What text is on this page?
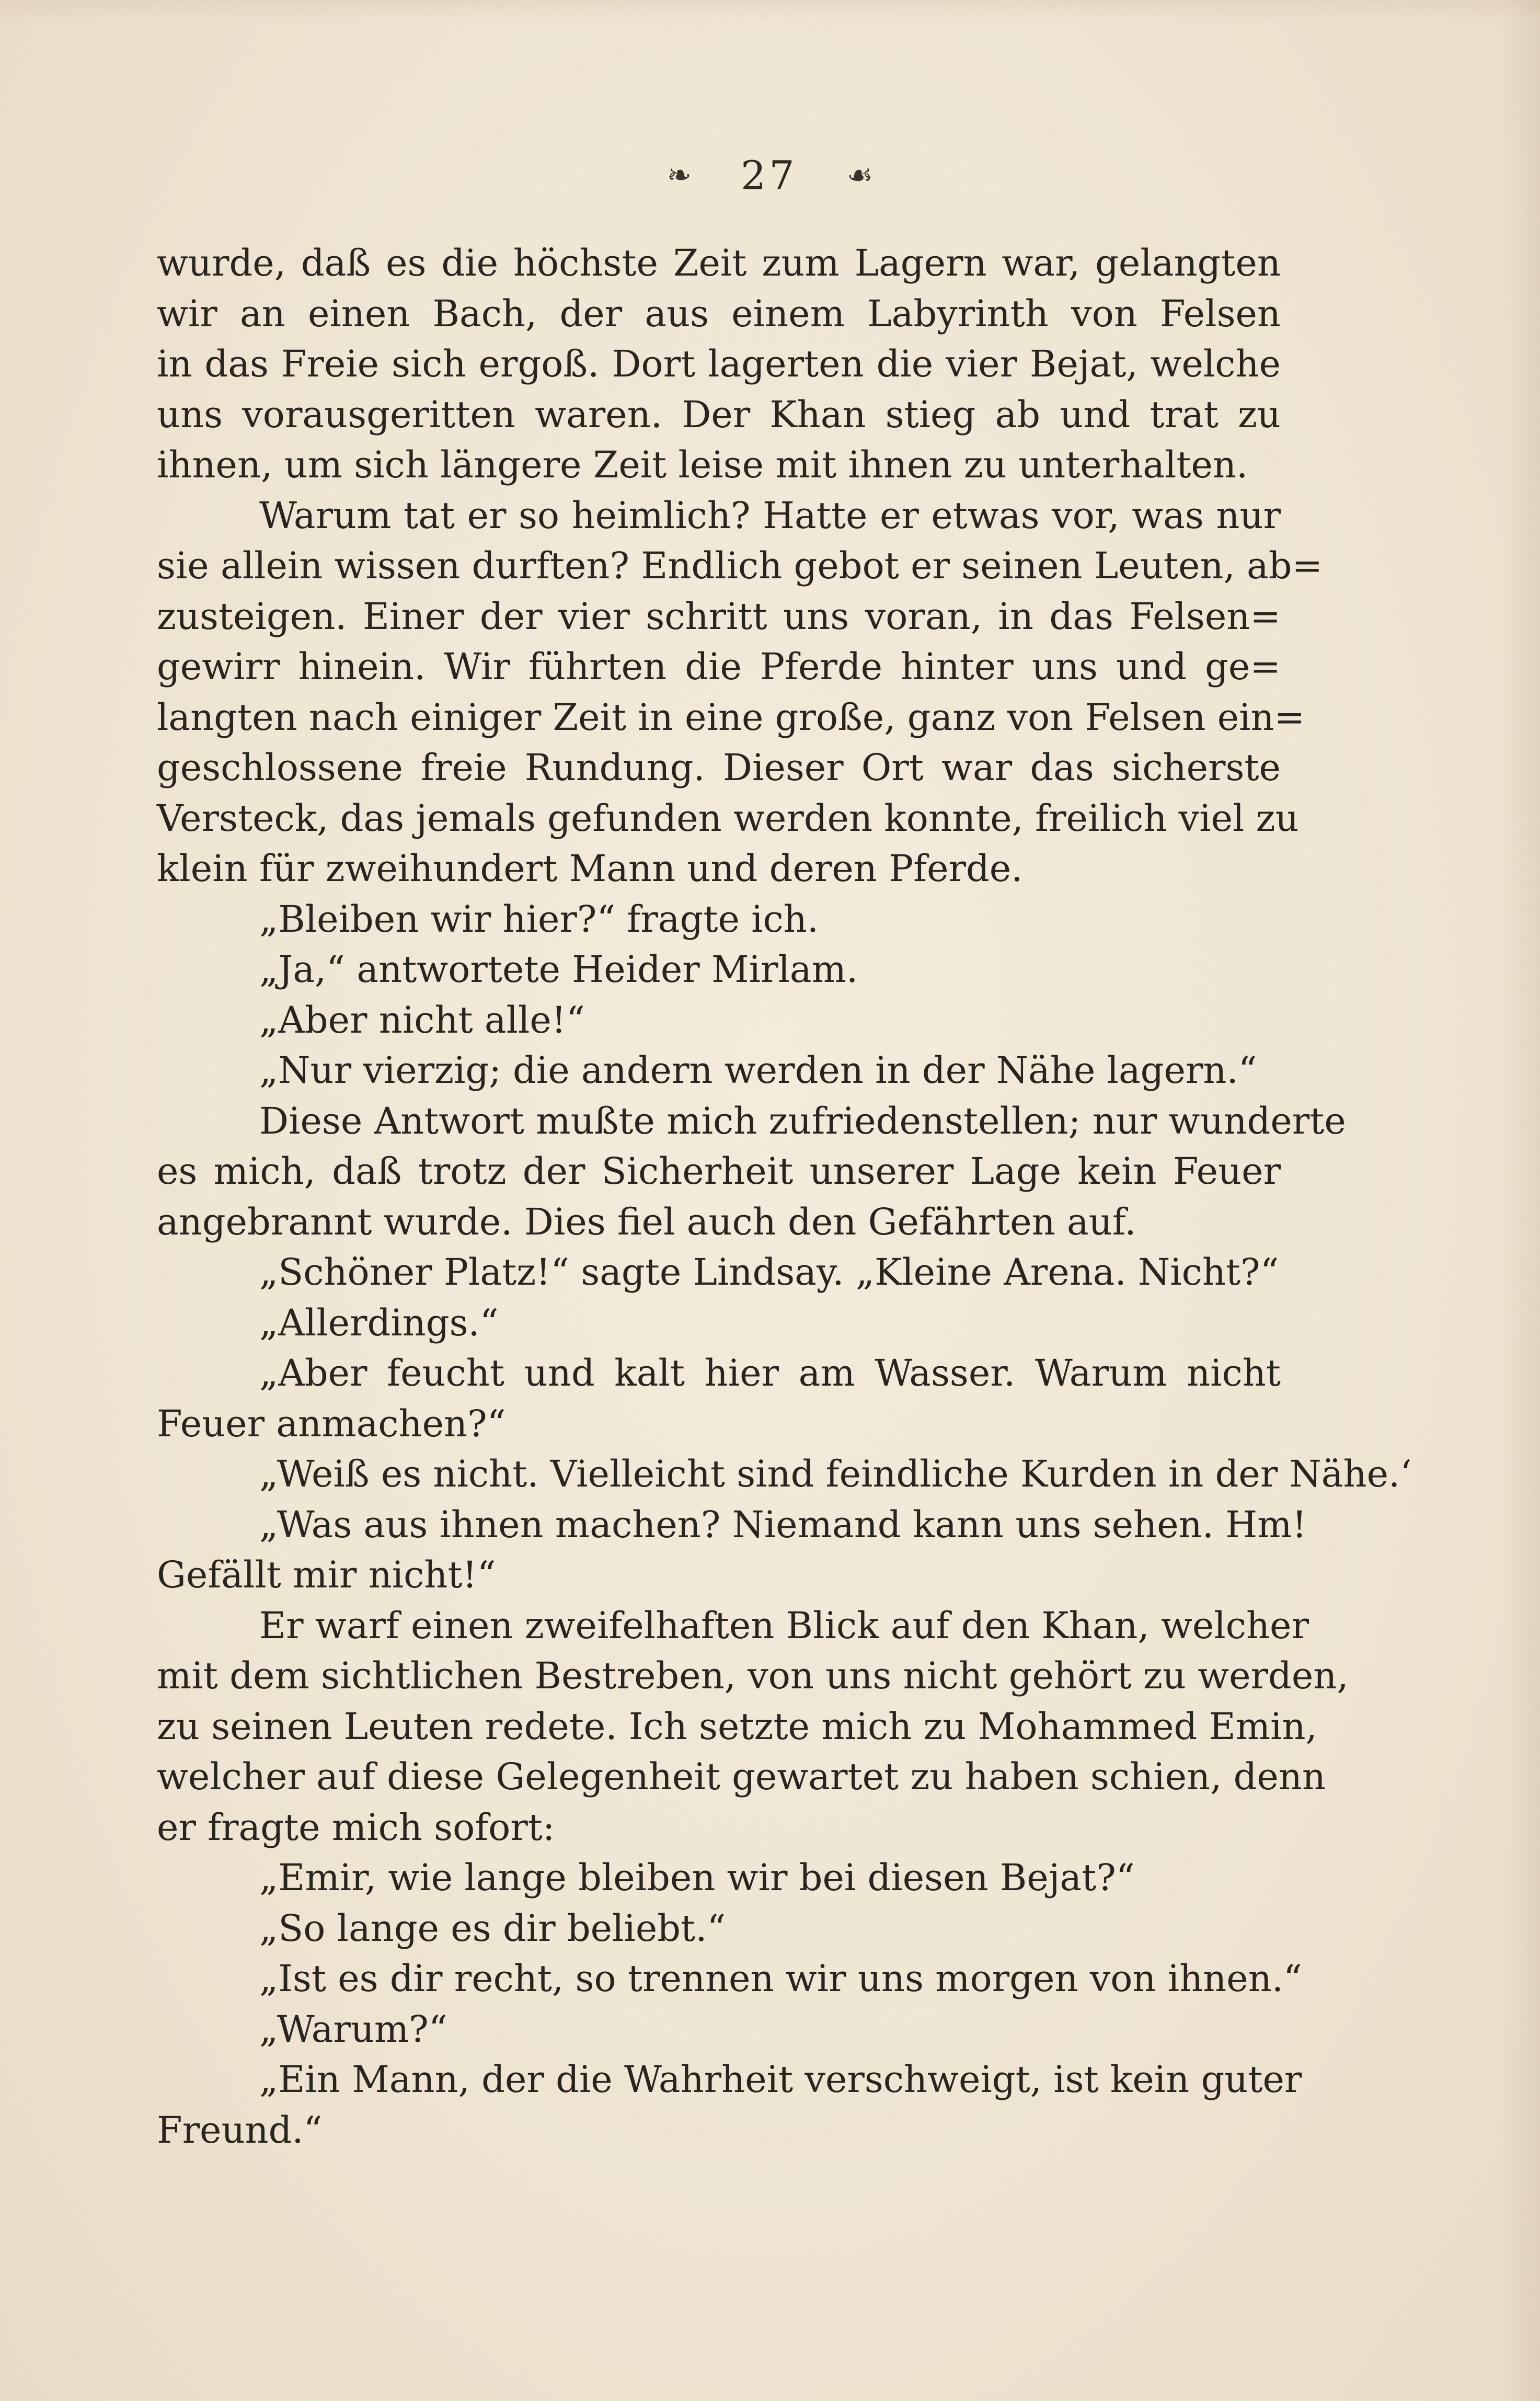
❧ 27 ☙
wurde, daß es die höchste Zeit zum Lagern war, gelangten
wir an einen Bach, der aus einem Labyrinth von Felsen
in das Freie sich ergoß. Dort lagerten die vier Bejat, welche
uns vorausgeritten waren. Der Khan stieg ab und trat zu
ihnen, um sich längere Zeit leise mit ihnen zu unterhalten.
Warum tat er so heimlich? Hatte er etwas vor, was nur
sie allein wissen durften? Endlich gebot er seinen Leuten, ab=
zusteigen. Einer der vier schritt uns voran, in das Felsen=
gewirr hinein. Wir führten die Pferde hinter uns und ge=
langten nach einiger Zeit in eine große, ganz von Felsen ein=
geschlossene freie Rundung. Dieser Ort war das sicherste
Versteck, das jemals gefunden werden konnte, freilich viel zu
klein für zweihundert Mann und deren Pferde.
„Bleiben wir hier?“ fragte ich.
„Ja,“ antwortete Heider Mirlam.
„Aber nicht alle!“
„Nur vierzig; die andern werden in der Nähe lagern.“
Diese Antwort mußte mich zufriedenstellen; nur wunderte
es mich, daß trotz der Sicherheit unserer Lage kein Feuer
angebrannt wurde. Dies fiel auch den Gefährten auf.
„Schöner Platz!“ sagte Lindsay. „Kleine Arena. Nicht?“
„Allerdings.“
„Aber feucht und kalt hier am Wasser. Warum nicht
Feuer anmachen?“
„Weiß es nicht. Vielleicht sind feindliche Kurden in der Nähe.‘
„Was aus ihnen machen? Niemand kann uns sehen. Hm!
Gefällt mir nicht!“
Er warf einen zweifelhaften Blick auf den Khan, welcher
mit dem sichtlichen Bestreben, von uns nicht gehört zu werden,
zu seinen Leuten redete. Ich setzte mich zu Mohammed Emin,
welcher auf diese Gelegenheit gewartet zu haben schien, denn
er fragte mich sofort:
„Emir, wie lange bleiben wir bei diesen Bejat?“
„So lange es dir beliebt.“
„Ist es dir recht, so trennen wir uns morgen von ihnen.“
„Warum?“
„Ein Mann, der die Wahrheit verschweigt, ist kein guter
Freund.“
